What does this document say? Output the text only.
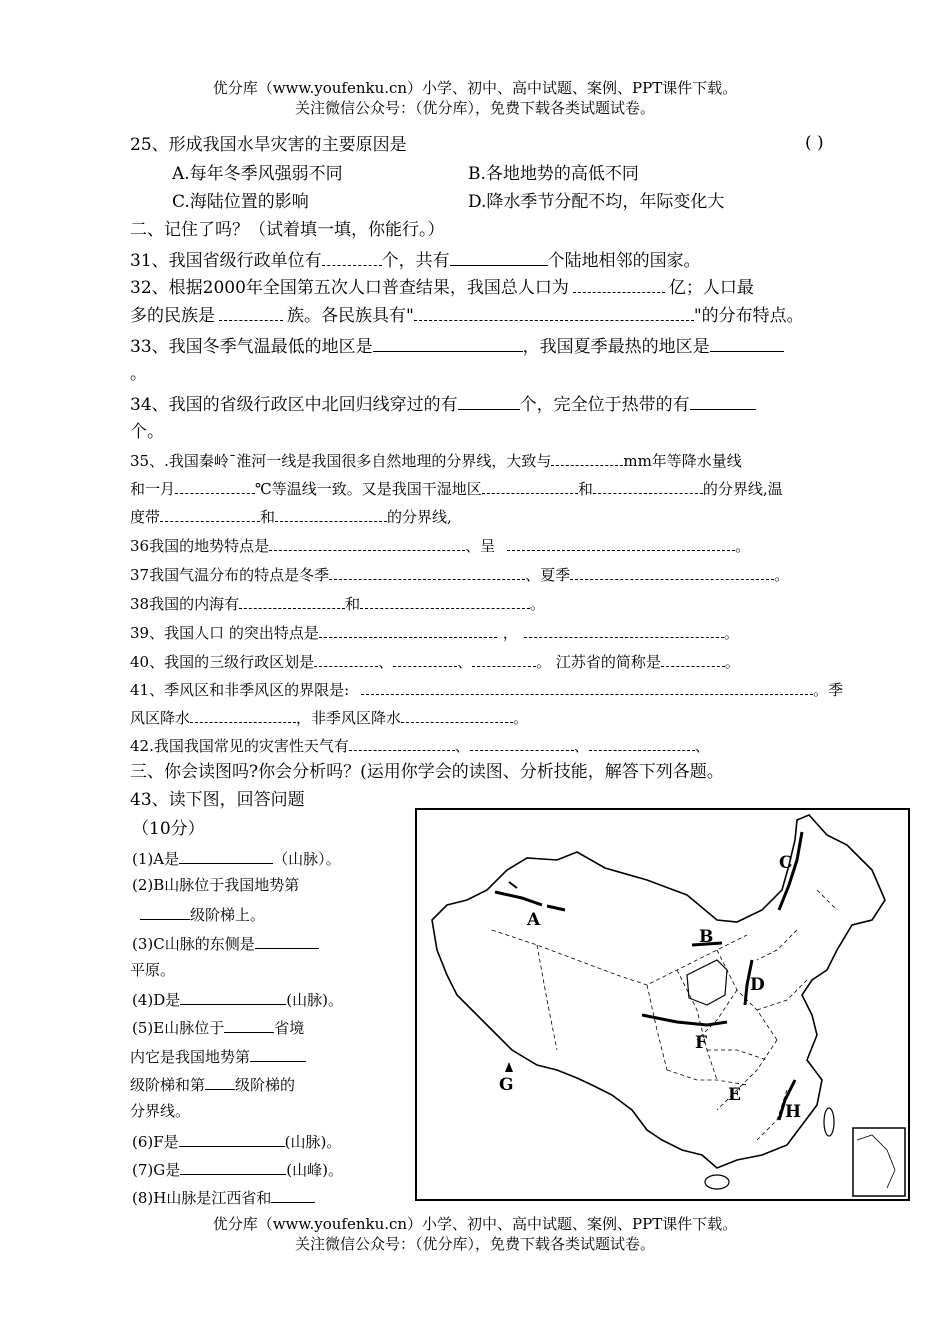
优分库（www.youfenku.cn）小学、初中、高中试题、案例、PPT课件下载。
关注微信公众号：（优分库），免费下载各类试题试卷。
25、形成我国水旱灾害的主要原因是	( )
A.每年冬季风强弱不同	B.各地地势的高低不同
C.海陆位置的影响	D.降水季节分配不均，年际变化大
二、记住了吗？（试着填一填，你能行。）
31、我国省级行政单位有	个，共有	个陆地相邻的国家。
32、根据2000年全国第五次人口普查结果，我国总人口为	亿；人口最
多的民族是	族。各民族具有"	"的分布特点。
33、我国冬季气温最低的地区是	，我国夏季最热的地区是
。
34、我国的省级行政区中北回归线穿过的有	个，完全位于热带的有
个。
35、.我国秦岭¯淮河一线是我国很多自然地理的分界线，大致与	mm年等降水量线
和一月	℃等温线一致。又是我国干湿地区	和	的分界线,温
度带	和	的分界线,
36我国的地势特点是	、呈	。
37我国气温分布的特点是冬季	、夏季	。
38我国的内海有	和	。
39、我国人口 的突出特点是	，	。
40、我国的三级行政区划是	、	、	。 江苏省的简称是	。
41、季风区和非季风区的界限是:	。季
风区降水	，非季风区降水	。
42.我国我国常见的灾害性天气有	、	、	、
三、你会读图吗?你会分析吗？(运用你学会的读图、分析技能，解答下列各题。
43、读下图，回答问题
（10分）
(1)A是	（山脉）。
(2)B山脉位于我国地势第
级阶梯上。
(3)C山脉的东侧是
平原。
(4)D是	(山脉)。
(5)E山脉位于	省境
内它是我国地势第
级阶梯和第 级阶梯的
分界线。
(6)F是	(山脉)。
(7)G是	(山峰)。
(8)H山脉是江西省和
A
B
C
D
E
F
G
H
优分库（www.youfenku.cn）小学、初中、高中试题、案例、PPT课件下载。
关注微信公众号：（优分库），免费下载各类试题试卷。
